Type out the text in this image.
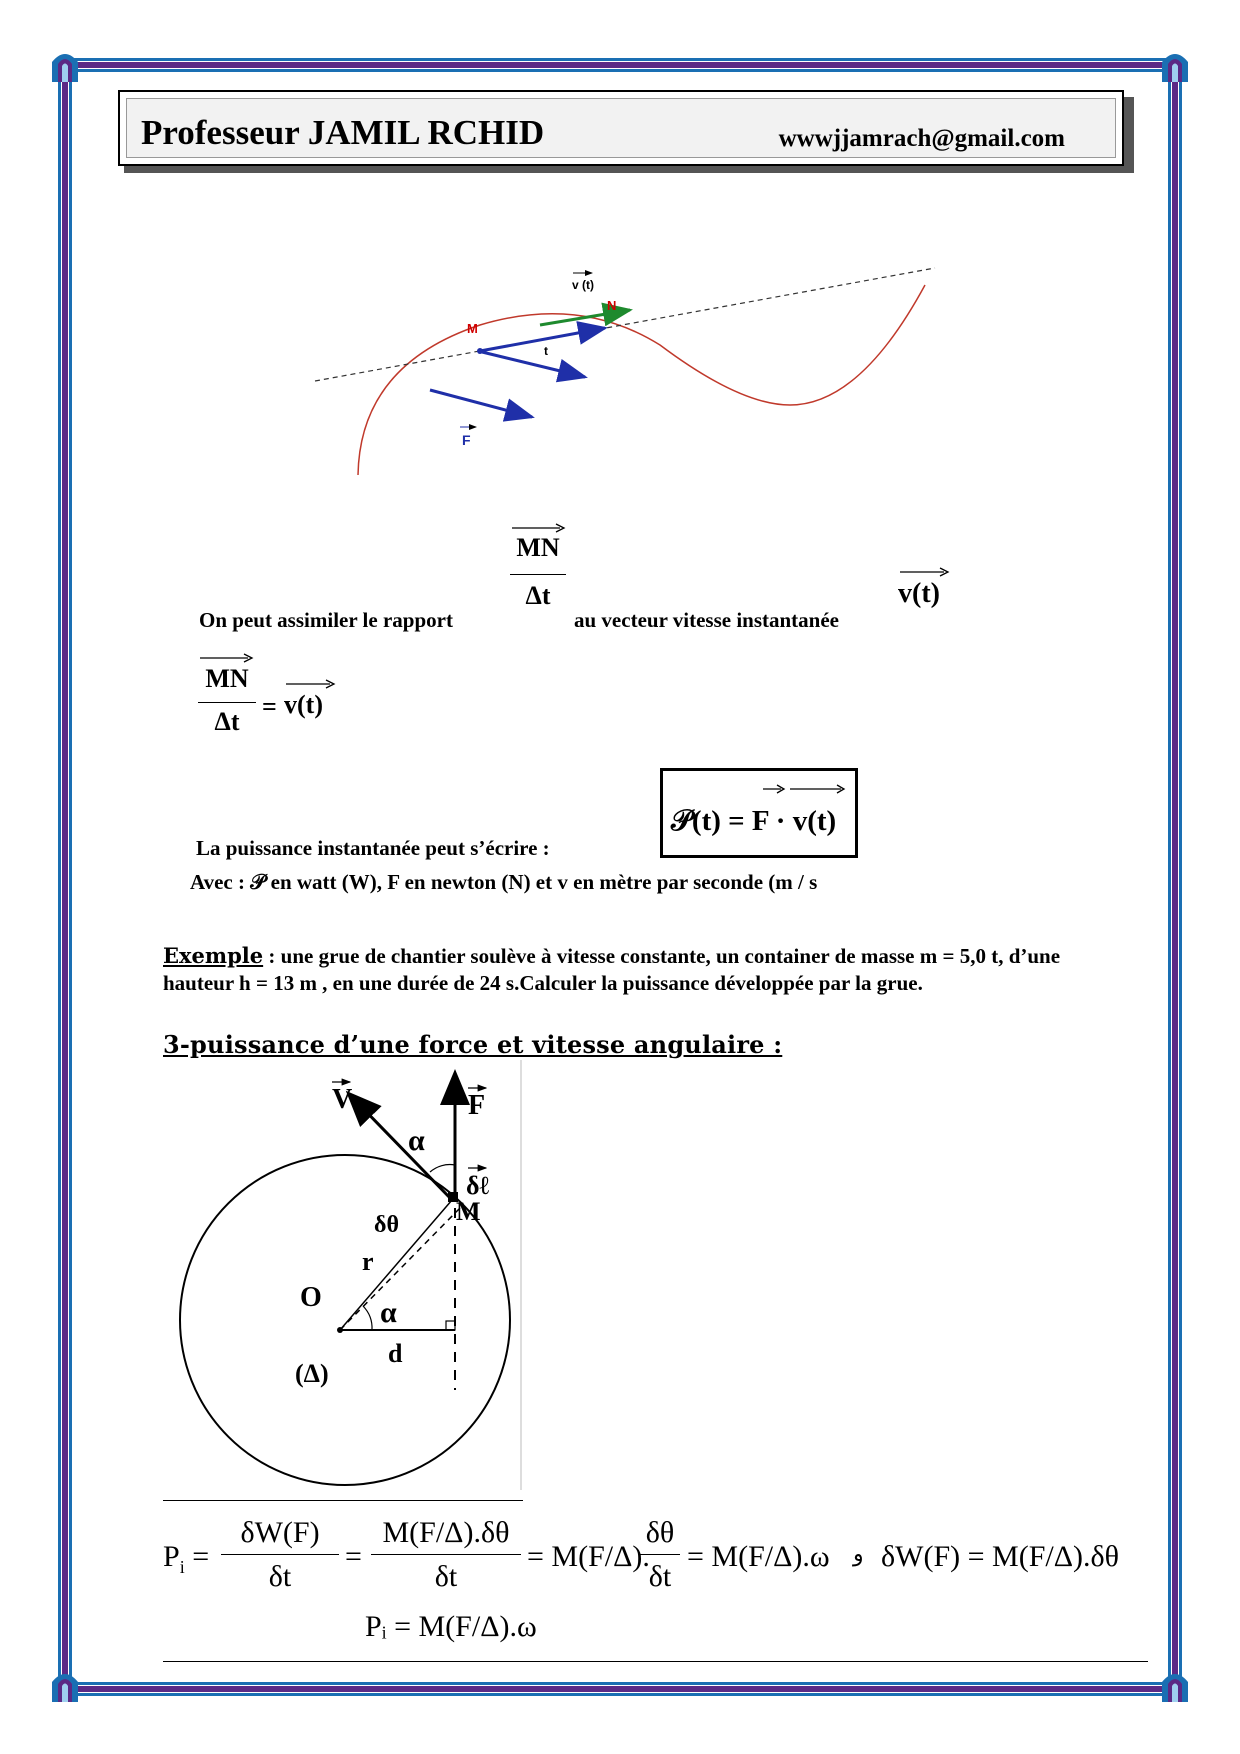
Professeur JAMIL RCHID	wwwjjamrach@gmail.com
M
N
v (t)
t
F
MN
Δt
On peut assimiler le rapport	au vecteur vitesse instantanée
v(t)
MN
Δt
= v(t)
La puissance instantanée peut s’écrire :
𝒫(t) = F · v(t)
Avec : 𝒫 en watt (W), F en newton (N) et v en mètre par seconde (m / s
Exemple : une grue de chantier soulève à vitesse constante, un container de masse m = 5,0 t, d’une hauteur h = 13 m , en une durée de 24 s.Calculer la puissance développée par la grue.
3-puissance d’une force et vitesse angulaire :
V	F
α
δℓ
M
δθ
r
O α
d
(Δ)
$P_i$ =
δW(F)
δt
=
M(F/Δ).δθ
δt
= M(F/Δ).
δθ
δt
= M(F/Δ).ω و δW(F) = M(F/Δ).δθ
Pᵢ = M(F/Δ).ω
